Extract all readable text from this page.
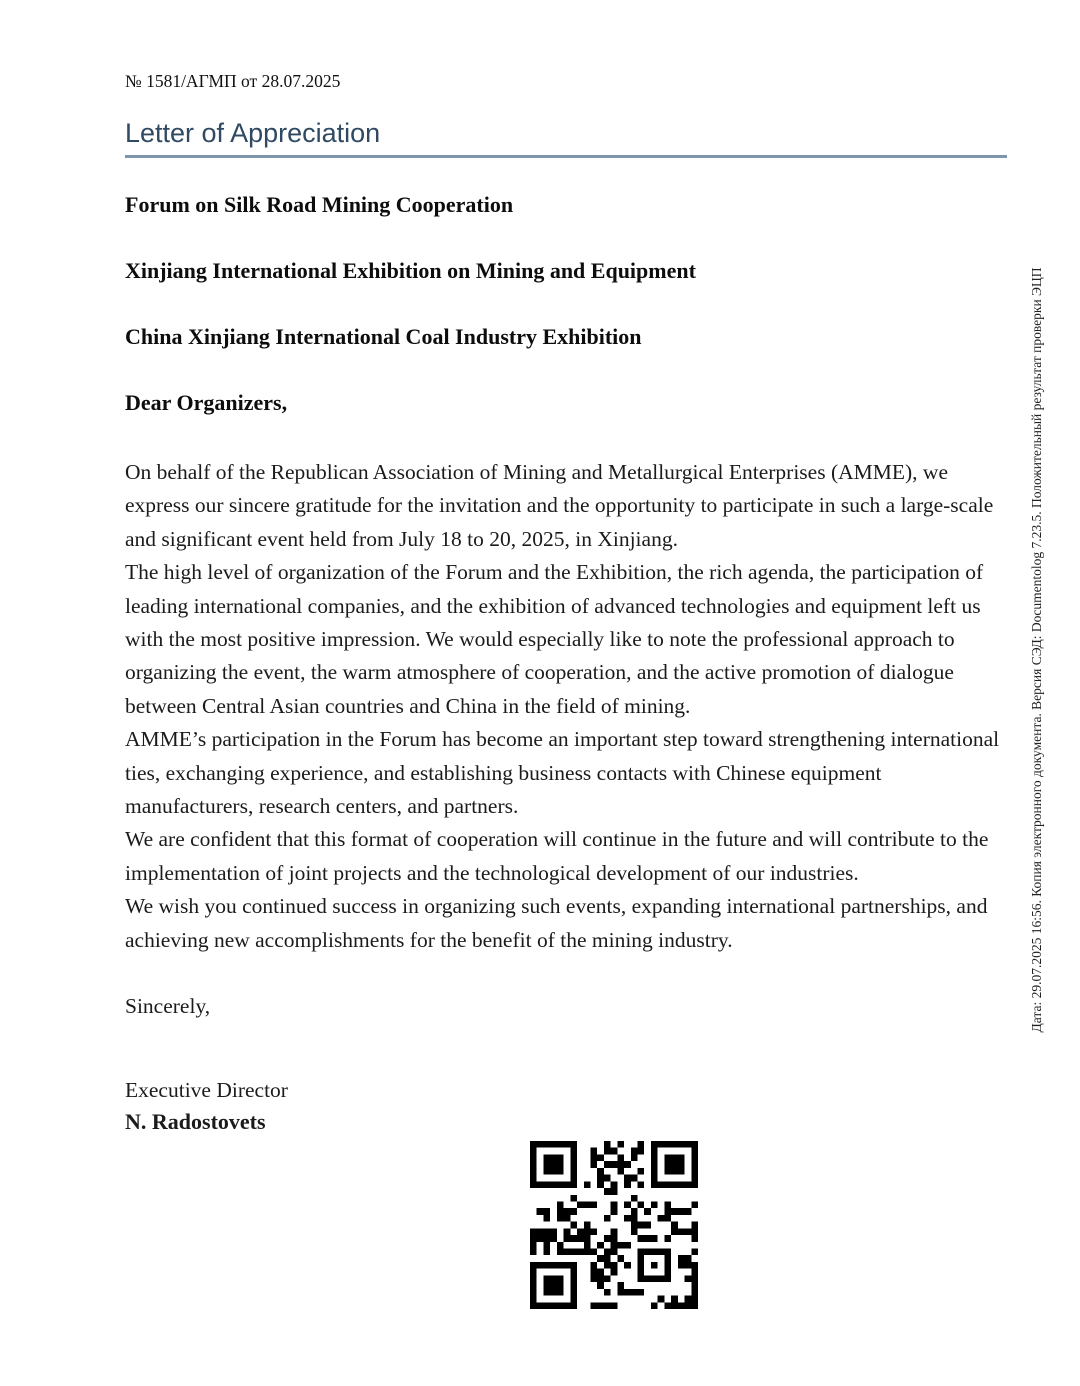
№ 1581/АГМП от 28.07.2025
Letter of Appreciation
Forum on Silk Road Mining Cooperation
Xinjiang International Exhibition on Mining and Equipment
China Xinjiang International Coal Industry Exhibition
Dear Organizers,

On behalf of the Republican Association of Mining and Metallurgical Enterprises (AMME), we express our sincere gratitude for the invitation and the opportunity to participate in such a large-scale and significant event held from July 18 to 20, 2025, in Xinjiang.

The high level of organization of the Forum and the Exhibition, the rich agenda, the participation of leading international companies, and the exhibition of advanced technologies and equipment left us with the most positive impression. We would especially like to note the professional approach to organizing the event, the warm atmosphere of cooperation, and the active promotion of dialogue between Central Asian countries and China in the field of mining.

AMME’s participation in the Forum has become an important step toward strengthening international ties, exchanging experience, and establishing business contacts with Chinese equipment manufacturers, research centers, and partners.

We are confident that this format of cooperation will continue in the future and will contribute to the implementation of joint projects and the technological development of our industries.

We wish you continued success in organizing such events, expanding international partnerships, and achieving new accomplishments for the benefit of the mining industry.

Sincerely,
Executive Director
N. Radostovets
Дата: 29.07.2025 16:56. Копия электронного документа. Версия СЭД: Documentolog 7.23.5. Положительный результат проверки ЭЦП
